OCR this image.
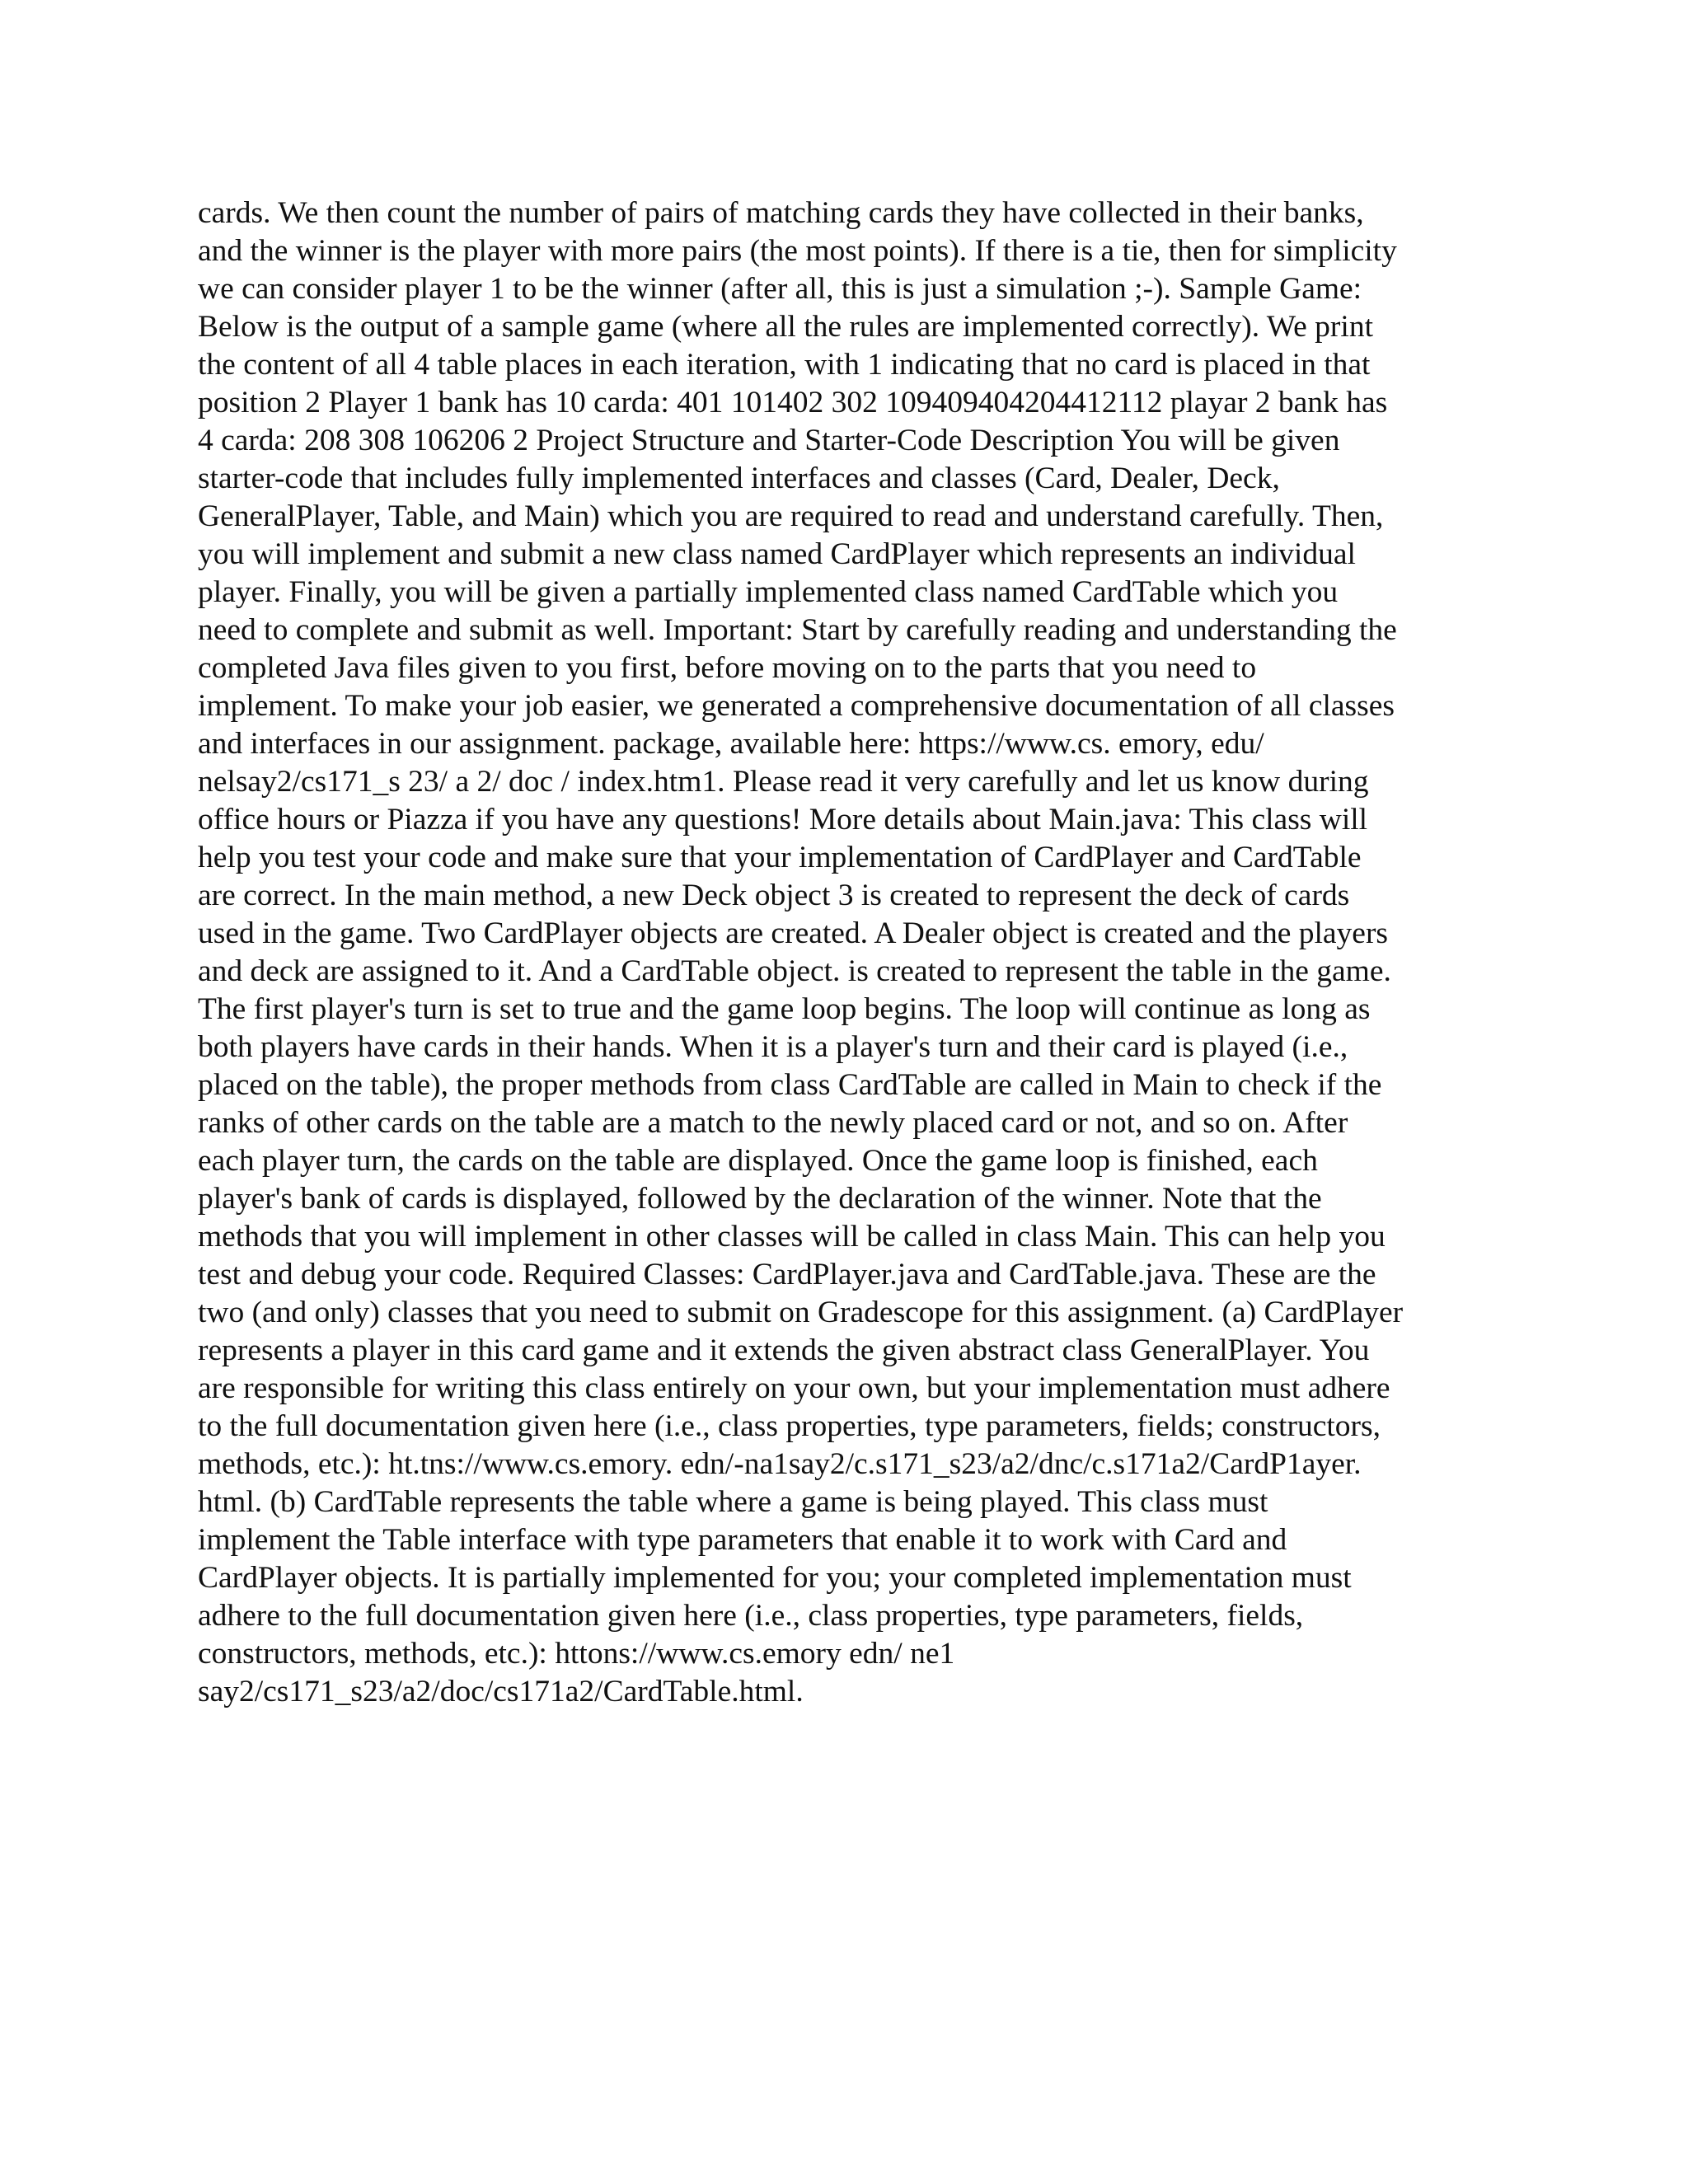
cards. We then count the number of pairs of matching cards they have collected in their banks,
and the winner is the player with more pairs (the most points). If there is a tie, then for simplicity
we can consider player 1 to be the winner (after all, this is just a simulation ;-). Sample Game:
Below is the output of a sample game (where all the rules are implemented correctly). We print
the content of all 4 table places in each iteration, with 1 indicating that no card is placed in that
position 2 Player 1 bank has 10 carda: 401 101402 302 109409404204412112 playar 2 bank has
4 carda: 208 308 106206 2 Project Structure and Starter-Code Description You will be given
starter-code that includes fully implemented interfaces and classes (Card, Dealer, Deck,
GeneralPlayer, Table, and Main) which you are required to read and understand carefully. Then,
you will implement and submit a new class named CardPlayer which represents an individual
player. Finally, you will be given a partially implemented class named CardTable which you
need to complete and submit as well. Important: Start by carefully reading and understanding the
completed Java files given to you first, before moving on to the parts that you need to
implement. To make your job easier, we generated a comprehensive documentation of all classes
and interfaces in our assignment. package, available here: https://www.cs. emory, edu/
nelsay2/cs171_s 23/ a 2/ doc / index.htm1. Please read it very carefully and let us know during
office hours or Piazza if you have any questions! More details about Main.java: This class will
help you test your code and make sure that your implementation of CardPlayer and CardTable
are correct. In the main method, a new Deck object 3 is created to represent the deck of cards
used in the game. Two CardPlayer objects are created. A Dealer object is created and the players
and deck are assigned to it. And a CardTable object. is created to represent the table in the game.
The first player's turn is set to true and the game loop begins. The loop will continue as long as
both players have cards in their hands. When it is a player's turn and their card is played (i.e.,
placed on the table), the proper methods from class CardTable are called in Main to check if the
ranks of other cards on the table are a match to the newly placed card or not, and so on. After
each player turn, the cards on the table are displayed. Once the game loop is finished, each
player's bank of cards is displayed, followed by the declaration of the winner. Note that the
methods that you will implement in other classes will be called in class Main. This can help you
test and debug your code. Required Classes: CardPlayer.java and CardTable.java. These are the
two (and only) classes that you need to submit on Gradescope for this assignment. (a) CardPlayer
represents a player in this card game and it extends the given abstract class GeneralPlayer. You
are responsible for writing this class entirely on your own, but your implementation must adhere
to the full documentation given here (i.e., class properties, type parameters, fields; constructors,
methods, etc.): ht.tns://www.cs.emory. edn/-na1say2/c.s171_s23/a2/dnc/c.s171a2/CardP1ayer.
html. (b) CardTable represents the table where a game is being played. This class must
implement the Table interface with type parameters that enable it to work with Card and
CardPlayer objects. It is partially implemented for you; your completed implementation must
adhere to the full documentation given here (i.e., class properties, type parameters, fields,
constructors, methods, etc.): httons://www.cs.emory edn/ ne1
say2/cs171_s23/a2/doc/cs171a2/CardTable.html.
